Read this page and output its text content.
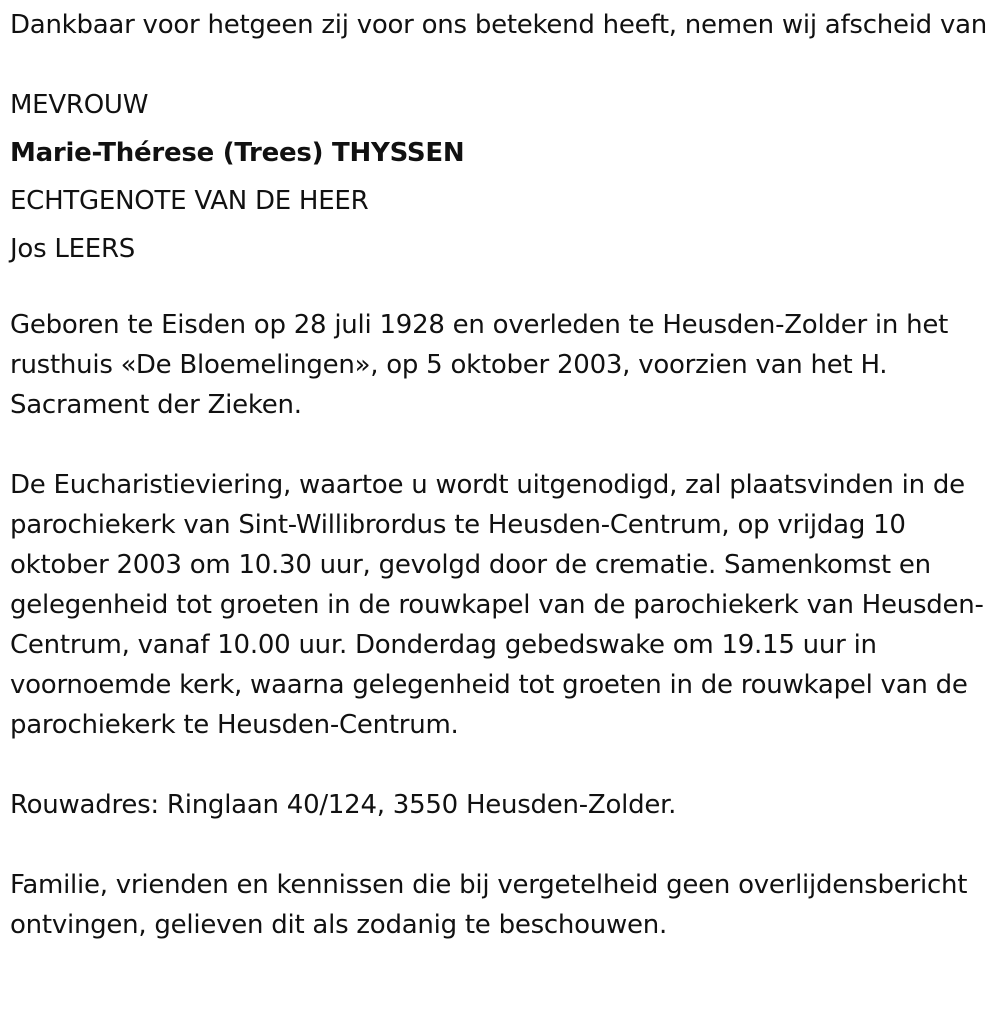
Dankbaar voor hetgeen zij voor ons betekend heeft, nemen wij afscheid van

MEVROUW
Marie-Thérese (Trees) THYSSEN
ECHTGENOTE VAN DE HEER
Jos LEERS

Geboren te Eisden op 28 juli 1928 en overleden te Heusden-Zolder in het rusthuis «De Bloemelingen», op 5 oktober 2003, voorzien van het H. Sacrament der Zieken.

De Eucharistieviering, waartoe u wordt uitgenodigd, zal plaatsvinden in de parochiekerk van Sint-Willibrordus te Heusden-Centrum, op vrijdag 10 oktober 2003 om 10.30 uur, gevolgd door de crematie. Samenkomst en gelegenheid tot groeten in de rouwkapel van de parochiekerk van Heusden-Centrum, vanaf 10.00 uur. Donderdag gebedswake om 19.15 uur in voornoemde kerk, waarna gelegenheid tot groeten in de rouwkapel van de parochiekerk te Heusden-Centrum.

Rouwadres: Ringlaan 40/124, 3550 Heusden-Zolder.

Familie, vrienden en kennissen die bij vergetelheid geen overlijdensbericht ontvingen, gelieven dit als zodanig te beschouwen.
